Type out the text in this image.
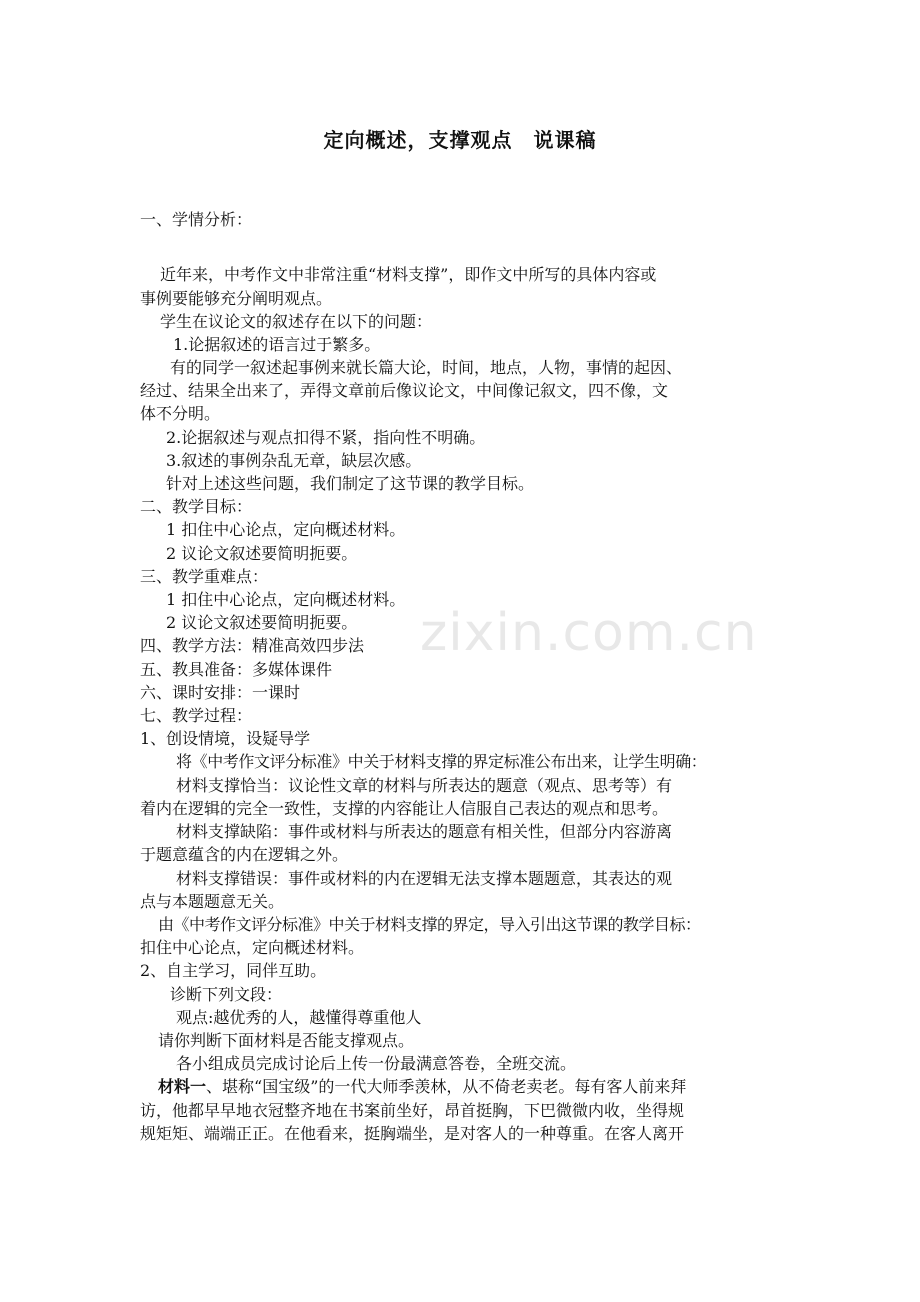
定向概述，支撑观点　说课稿
zixin.com.cn
一、学情分析：
近年来，中考作文中非常注重“材料支撑”，即作文中所写的具体内容或
事例要能够充分阐明观点。
学生在议论文的叙述存在以下的问题：
1.论据叙述的语言过于繁多。
有的同学一叙述起事例来就长篇大论，时间，地点，人物，事情的起因、
经过、结果全出来了，弄得文章前后像议论文，中间像记叙文，四不像，文
体不分明。
2.论据叙述与观点扣得不紧，指向性不明确。
3.叙述的事例杂乱无章，缺层次感。
针对上述这些问题，我们制定了这节课的教学目标。
二、教学目标：
1 扣住中心论点，定向概述材料。
2 议论文叙述要简明扼要。
三、教学重难点：
1 扣住中心论点，定向概述材料。
2 议论文叙述要简明扼要。
四、教学方法：精准高效四步法
五、教具准备：多媒体课件
六、课时安排：一课时
七、教学过程：
1、创设情境，设疑导学
将《中考作文评分标准》中关于材料支撑的界定标准公布出来，让学生明确：
材料支撑恰当：议论性文章的材料与所表达的题意（观点、思考等）有
着内在逻辑的完全一致性，支撑的内容能让人信服自己表达的观点和思考。
材料支撑缺陷：事件或材料与所表达的题意有相关性，但部分内容游离
于题意蕴含的内在逻辑之外。
材料支撑错误：事件或材料的内在逻辑无法支撑本题题意，其表达的观
点与本题题意无关。
由《中考作文评分标准》中关于材料支撑的界定，导入引出这节课的教学目标：
扣住中心论点，定向概述材料。
2、自主学习，同伴互助。
诊断下列文段：
观点:越优秀的人，越懂得尊重他人
请你判断下面材料是否能支撑观点。
各小组成员完成讨论后上传一份最满意答卷，全班交流。
材料一、堪称“国宝级”的一代大师季羡林，从不倚老卖老。每有客人前来拜
访，他都早早地衣冠整齐地在书案前坐好，昂首挺胸，下巴微微内收，坐得规
规矩矩、端端正正。在他看来，挺胸端坐，是对客人的一种尊重。在客人离开
